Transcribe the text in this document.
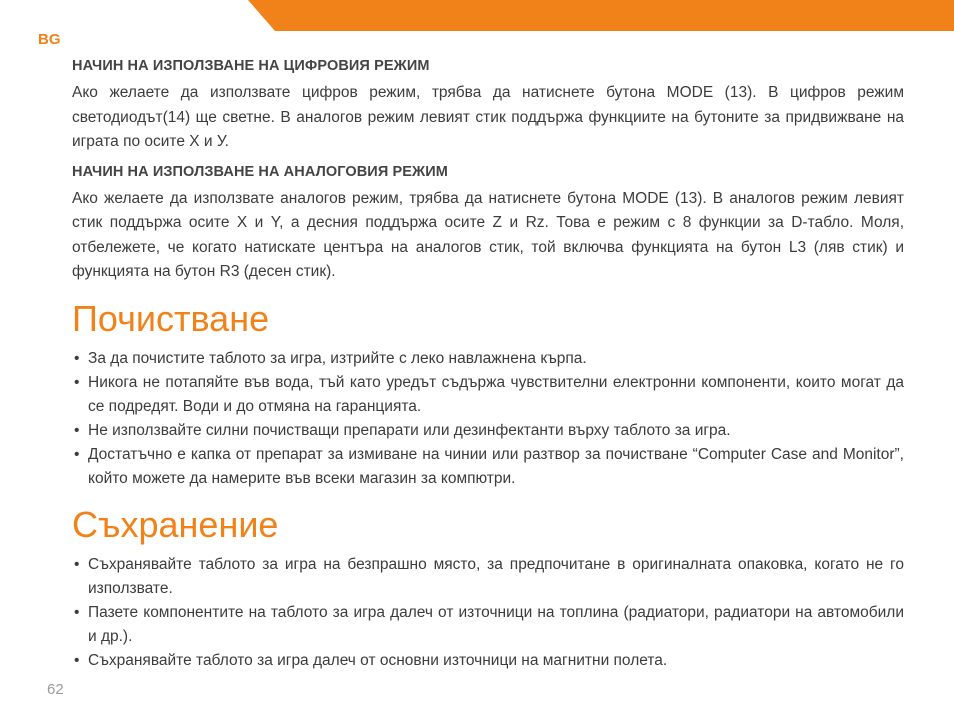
BG
НАЧИН НА ИЗПОЛЗВАНЕ НА ЦИФРОВИЯ РЕЖИМ

Ако желаете да използвате цифров режим, трябва да натиснете бутона MODE (13). В цифров режим светодиодът(14) ще светне. В аналогов режим левият стик поддържа функциите на бутоните за придвижване на играта по осите X и У.

НАЧИН НА ИЗПОЛЗВАНЕ НА АНАЛОГОВИЯ РЕЖИМ

Ако желаете да използвате аналогов режим, трябва да натиснете бутона MODE (13). В аналогов режим левият стик поддържа осите X и Y, а десния поддържа осите Z и Rz. Това е режим с 8 функции за D-табло. Моля, отбележете, че когато натискате центъра на аналогов стик, той включва функцията на бутон L3 (ляв стик) и функцията на бутон R3 (десен стик).

Почистване
• За да почистите таблото за игра, изтрийте с леко навлажнена кърпа.
• Никога не потапяйте във вода, тъй като уредът съдържа чувствителни електронни компоненти, които могат да се подредят. Води и до отмяна на гаранцията.
• Не използвайте силни почистващи препарати или дезинфектанти върху таблото за игра.
• Достатъчно е капка от препарат за измиване на чинии или разтвор за почистване “Computer Case and Monitor”, който можете да намерите във всеки магазин за компютри.
Съхранение
• Съхранявайте таблото за игра на безпрашно място, за предпочитане в оригиналната опаковка, когато не го използвате.
• Пазете компонентите на таблото за игра далеч от източници на топлина (радиатори, радиатори на автомобили и др.).
• Съхранявайте таблото за игра далеч от основни източници на магнитни полета.
62
